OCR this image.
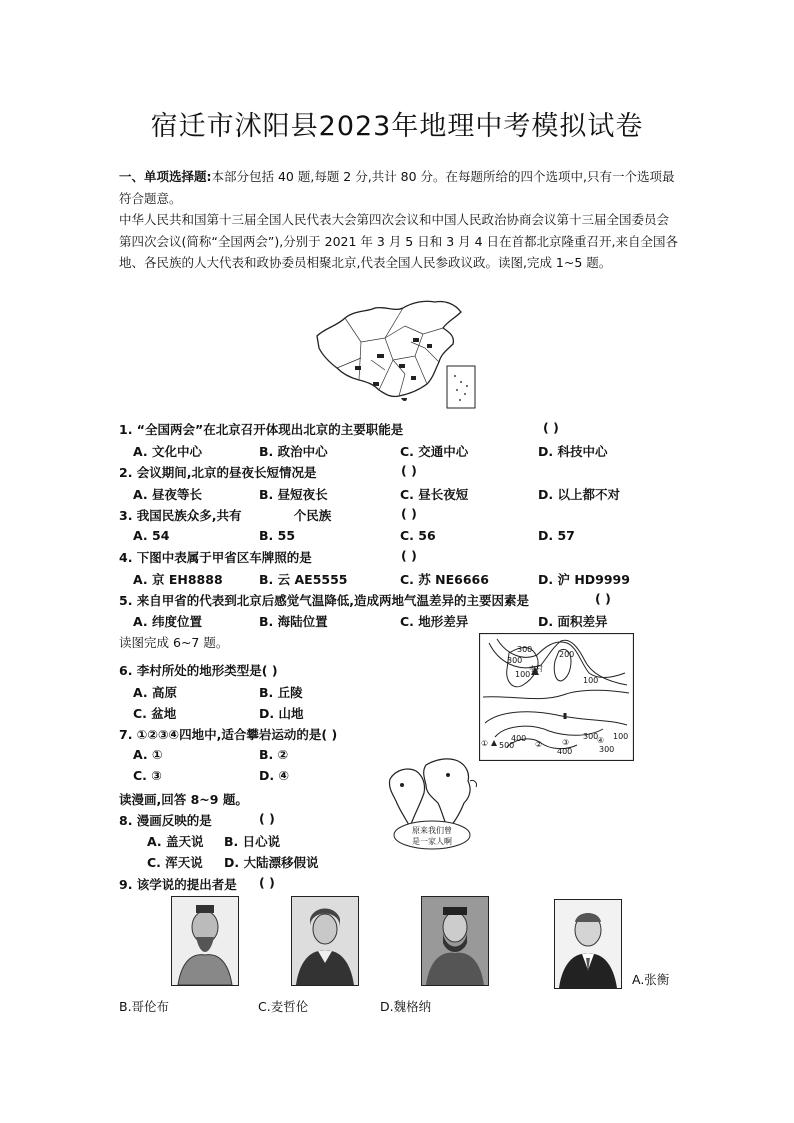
宿迁市沭阳县2023年地理中考模拟试卷
一、单项选择题:本部分包括 40 题,每题 2 分,共计 80 分。在每题所给的四个选项中,只有一个选项最符合题意。
中华人民共和国第十三届全国人民代表大会第四次会议和中国人民政治协商会议第十三届全国委员会第四次会议(简称“全国两会”),分别于 2021 年 3 月 5 日和 3 月 4 日在首都北京隆重召开,来自全国各地、各民族的人大代表和政协委员相聚北京,代表全国人民参政议政。读图,完成 1~5 题。
1. “全国两会”在北京召开体现出北京的主要职能是	( )
A. 文化中心	B. 政治中心	C. 交通中心	D. 科技中心
2. 会议期间,北京的昼夜长短情况是	( )
A. 昼夜等长	B. 昼短夜长	C. 昼长夜短	D. 以上都不对
3. 我国民族众多,共有            个民族	( )
A. 54	B. 55	C. 56	D. 57
4. 下图中表属于甲省区车牌照的是	( )
A. 京 EH8888	B. 云 AE5555	C. 苏 NE6666	D. 沪 HD9999
5. 来自甲省的代表到北京后感觉气温降低,造成两地气温差异的主要因素是	( )
A. 纬度位置	B. 海陆位置	C. 地形差异	D. 面积差异
读图完成 6~7 题。	300
300
200
100
100
李村
400	300 100
① 500	② ③
400
④
300
6. 李村所处的地形类型是( )
A. 高原	B. 丘陵
C. 盆地	D. 山地
7. ①②③④四地中,适合攀岩运动的是( )
A. ①	B. ②
C. ③	D. ④
原来我们曾
是一家人啊
读漫画,回答 8~9 题。
8. 漫画反映的是	( )
A. 盖天说 B. 日心说
C. 浑天说 D. 大陆漂移假说
9. 该学说的提出者是 ( )
A.张衡
B.哥伦布	C.麦哲伦	D.魏格纳
